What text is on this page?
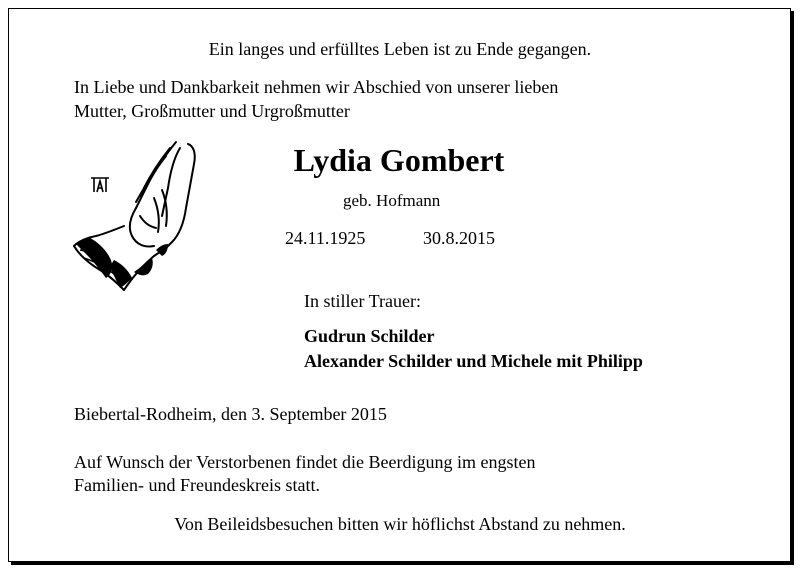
Ein langes und erfülltes Leben ist zu Ende gegangen.
In Liebe und Dankbarkeit nehmen wir Abschied von unserer lieben
Mutter, Großmutter und Urgroßmutter
Lydia Gombert
geb. Hofmann
24.11.1925	30.8.2015
In stiller Trauer:
Gudrun Schilder
Alexander Schilder und Michele mit Philipp
Biebertal-Rodheim, den 3. September 2015
Auf Wunsch der Verstorbenen findet die Beerdigung im engsten
Familien- und Freundeskreis statt.
Von Beileidsbesuchen bitten wir höflichst Abstand zu nehmen.
